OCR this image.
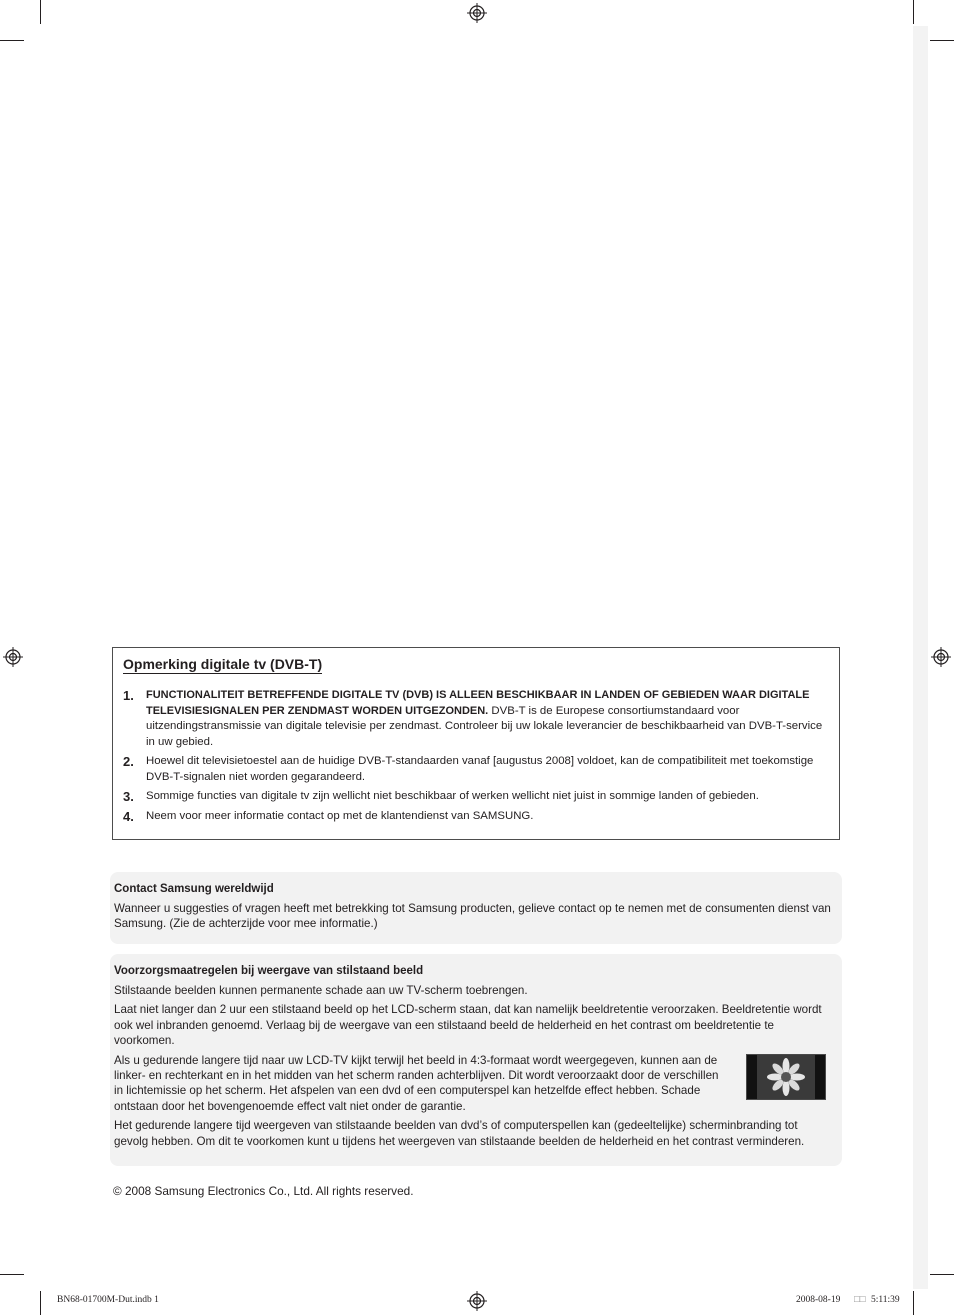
Opmerking digitale tv (DVB-T)
1. FUNCTIONALITEIT BETREFFENDE DIGITALE TV (DVB) IS ALLEEN BESCHIKBAAR IN LANDEN OF GEBIEDEN WAAR DIGITALE TELEVISIESIGNALEN PER ZENDMAST WORDEN UITGEZONDEN. DVB-T is de Europese consortiumstandaard voor uitzendingstransmissie van digitale televisie per zendmast. Controleer bij uw lokale leverancier de beschikbaarheid van DVB-T-service in uw gebied.
2. Hoewel dit televisietoestel aan de huidige DVB-T-standaarden vanaf [augustus 2008] voldoet, kan de compatibiliteit met toekomstige DVB-T-signalen niet worden gegarandeerd.
3. Sommige functies van digitale tv zijn wellicht niet beschikbaar of werken wellicht niet juist in sommige landen of gebieden.
4. Neem voor meer informatie contact op met de klantendienst van SAMSUNG.
Contact Samsung wereldwijd

Wanneer u suggesties of vragen heeft met betrekking tot Samsung producten, gelieve contact op te nemen met de consumenten dienst van Samsung. (Zie de achterzijde voor mee informatie.)

Voorzorgsmaatregelen bij weergave van stilstaand beeld

Stilstaande beelden kunnen permanente schade aan uw TV-scherm toebrengen.

Laat niet langer dan 2 uur een stilstaand beeld op het LCD-scherm staan, dat kan namelijk beeldretentie veroorzaken. Beeldretentie wordt ook wel inbranden genoemd. Verlaag bij de weergave van een stilstaand beeld de helderheid en het contrast om beeldretentie te voorkomen.

Als u gedurende langere tijd naar uw LCD-TV kijkt terwijl het beeld in 4:3-formaat wordt weergegeven, kunnen aan de linker- en rechterkant en in het midden van het scherm randen achterblijven. Dit wordt veroorzaakt door de verschillen in lichtemissie op het scherm. Het afspelen van een dvd of een computerspel kan hetzelfde effect hebben. Schade ontstaan door het bovengenoemde effect valt niet onder de garantie.

Het gedurende langere tijd weergeven van stilstaande beelden van dvd’s of computerspellen kan (gedeeltelijke) scherminbranding tot gevolg hebben. Om dit te voorkomen kunt u tijdens het weergeven van stilstaande beelden de helderheid en het contrast verminderen.

© 2008 Samsung Electronics Co., Ltd. All rights reserved.

BN68-01700M-Dut.indb 1	2008-08-19 □□ 5:11:39
